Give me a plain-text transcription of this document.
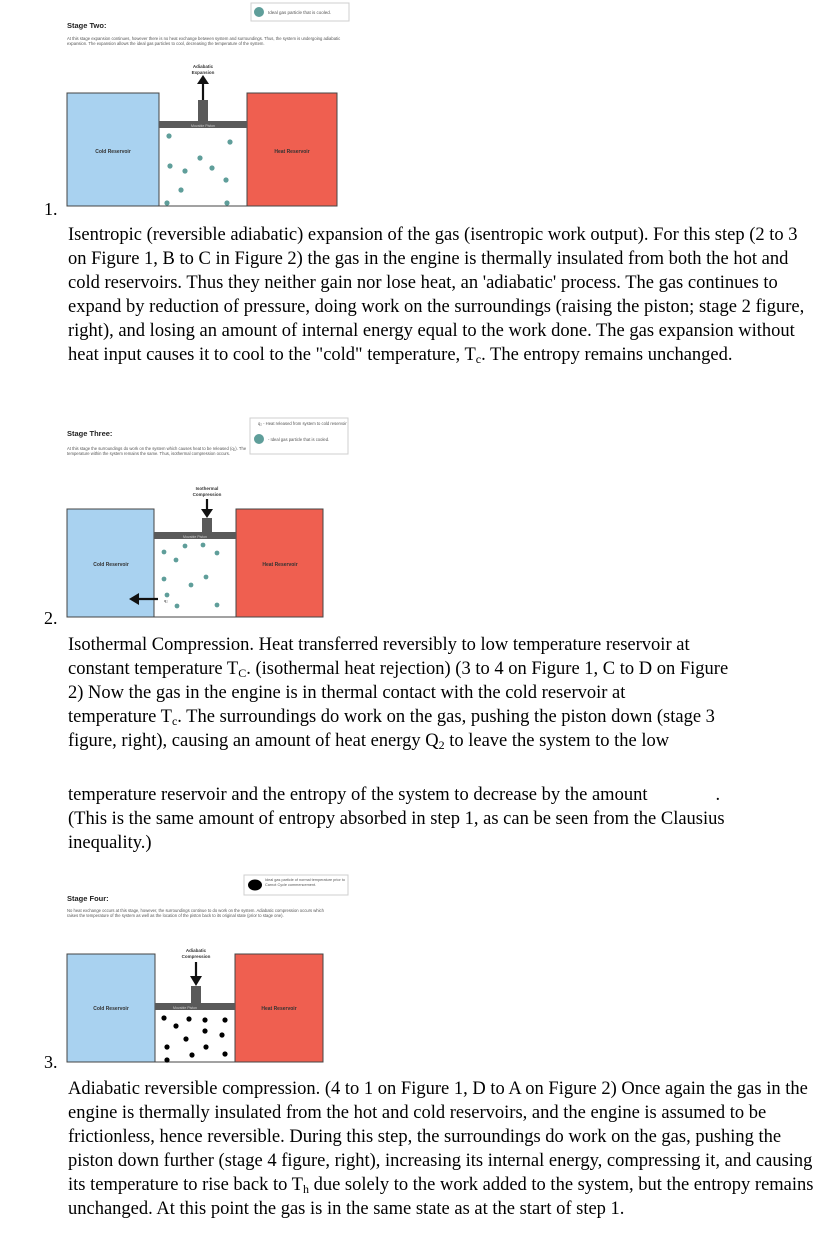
Ideal gas particle that is cooled.
Stage Two:
At this stage expansion continues, however there is no heat exchange between system and surroundings. Thus, the system is undergoing adiabatic expansion. The expansion allows the ideal gas particles to cool, decreasing the temperature of the system.
Adiabatic
Expansion
Cold Reservoir	Heat Reservoir
Movable Piston
1.
Isentropic (reversible adiabatic) expansion of the gas (isentropic work output). For this step (2 to 3 on Figure 1, B to C in Figure 2) the gas in the engine is thermally insulated from both the hot and cold reservoirs. Thus they neither gain nor lose heat, an 'adiabatic' process. The gas continues to expand by reduction of pressure, doing work on the surroundings (raising the piston; stage 2 figure, right), and losing an amount of internal energy equal to the work done. The gas expansion without heat input causes it to cool to the "cold" temperature, $T_c$. The entropy remains unchanged.
q₂ - Heat released from system to cold reservoir
- Ideal gas particle that is cooled.
Stage Three:
At this stage the surroundings do work on the system which causes heat to be released (q₂). The temperature within the system remains the same. Thus, isothermal compression occurs.
Isothermal
Compression
Cold Reservoir	Heat Reservoir
Movable Piston
q₂
2.
Isothermal Compression. Heat transferred reversibly to low temperature reservoir at
constant temperature $T_C$. (isothermal heat rejection) (3 to 4 on Figure 1, C to D on Figure
2) Now the gas in the engine is in thermal contact with the cold reservoir at
temperature $T_c$. The surroundings do work on the gas, pushing the piston down (stage 3
figure, right), causing an amount of heat energy $Q_2$ to leave the system to the low
temperature reservoir and the entropy of the system to decrease by the amount	.
(This is the same amount of entropy absorbed in step 1, as can be seen from the Clausius
inequality.)
Ideal gas particle of normal temperature prior to Carnot Cycle commencement.
Stage Four:
No heat exchange occurs at this stage, however, the surroundings continue to do work on the system. Adiabatic compression occurs which raises the temperature of the system as well as the location of the piston back to its original state (prior to stage one).
Adiabatic
Compression
Cold Reservoir	Heat Reservoir
Movable Piston
3.
Adiabatic reversible compression. (4 to 1 on Figure 1, D to A on Figure 2) Once again the gas in the engine is thermally insulated from the hot and cold reservoirs, and the engine is assumed to be frictionless, hence reversible. During this step, the surroundings do work on the gas, pushing the piston down further (stage 4 figure, right), increasing its internal energy, compressing it, and causing its temperature to rise back to $T_h$ due solely to the work added to the system, but the entropy remains unchanged. At this point the gas is in the same state as at the start of step 1.
